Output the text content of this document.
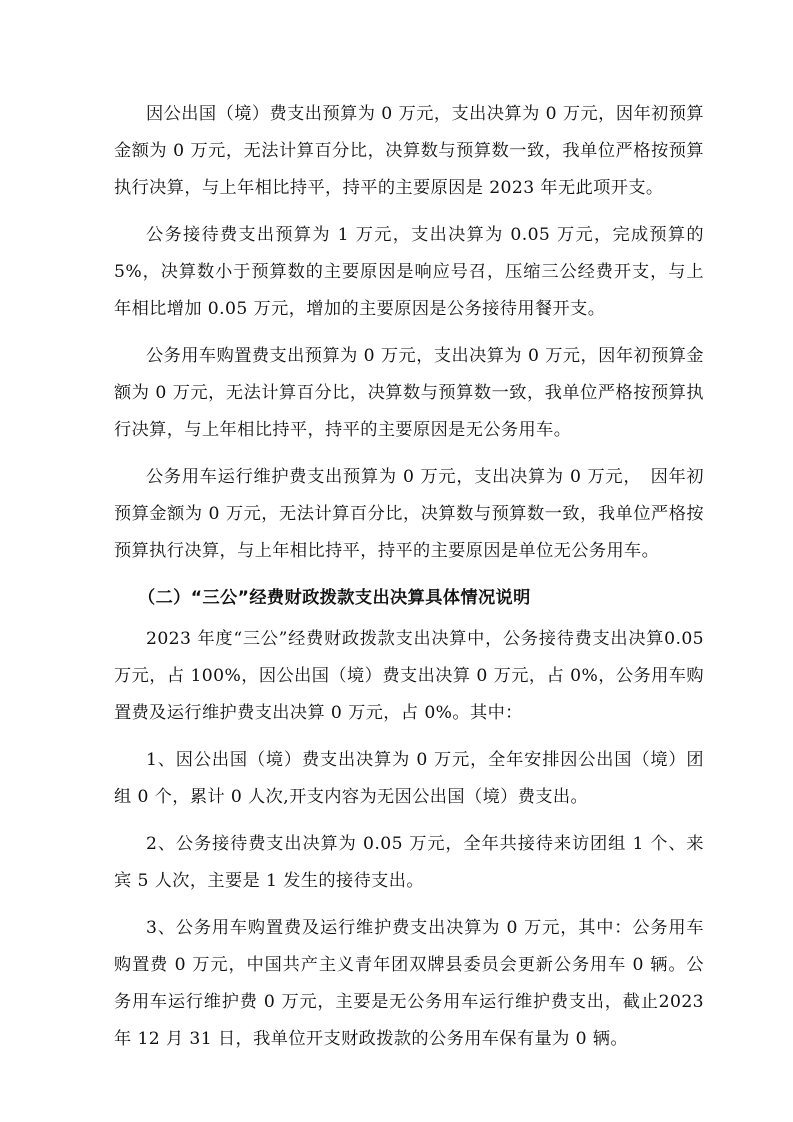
因公出国（境）费支出预算为 0 万元，支出决算为 0 万元，因年初预算金额为 0 万元，无法计算百分比，决算数与预算数一致，我单位严格按预算执行决算，与上年相比持平，持平的主要原因是 2023 年无此项开支。

公务接待费支出预算为 1 万元，支出决算为 0.05 万元，完成预算的5%，决算数小于预算数的主要原因是响应号召，压缩三公经费开支，与上年相比增加 0.05 万元，增加的主要原因是公务接待用餐开支。

公务用车购置费支出预算为 0 万元，支出决算为 0 万元，因年初预算金额为 0 万元，无法计算百分比，决算数与预算数一致，我单位严格按预算执行决算，与上年相比持平，持平的主要原因是无公务用车。

公务用车运行维护费支出预算为 0 万元，支出决算为 0 万元，　因年初预算金额为 0 万元，无法计算百分比，决算数与预算数一致，我单位严格按预算执行决算，与上年相比持平，持平的主要原因是单位无公务用车。

（二）“三公”经费财政拨款支出决算具体情况说明

2023 年度“三公”经费财政拨款支出决算中，公务接待费支出决算0.05 万元，占 100%，因公出国（境）费支出决算 0 万元，占 0%，公务用车购置费及运行维护费支出决算 0 万元，占 0%。其中：

1、因公出国（境）费支出决算为 0 万元，全年安排因公出国（境）团组 0 个，累计 0 人次,开支内容为无因公出国（境）费支出。

2、公务接待费支出决算为 0.05 万元，全年共接待来访团组 1 个、来宾 5 人次，主要是 1 发生的接待支出。

3、公务用车购置费及运行维护费支出决算为 0 万元，其中：公务用车购置费 0 万元，中国共产主义青年团双牌县委员会更新公务用车 0 辆。公务用车运行维护费 0 万元，主要是无公务用车运行维护费支出，截止2023 年 12 月 31 日，我单位开支财政拨款的公务用车保有量为 0 辆。
